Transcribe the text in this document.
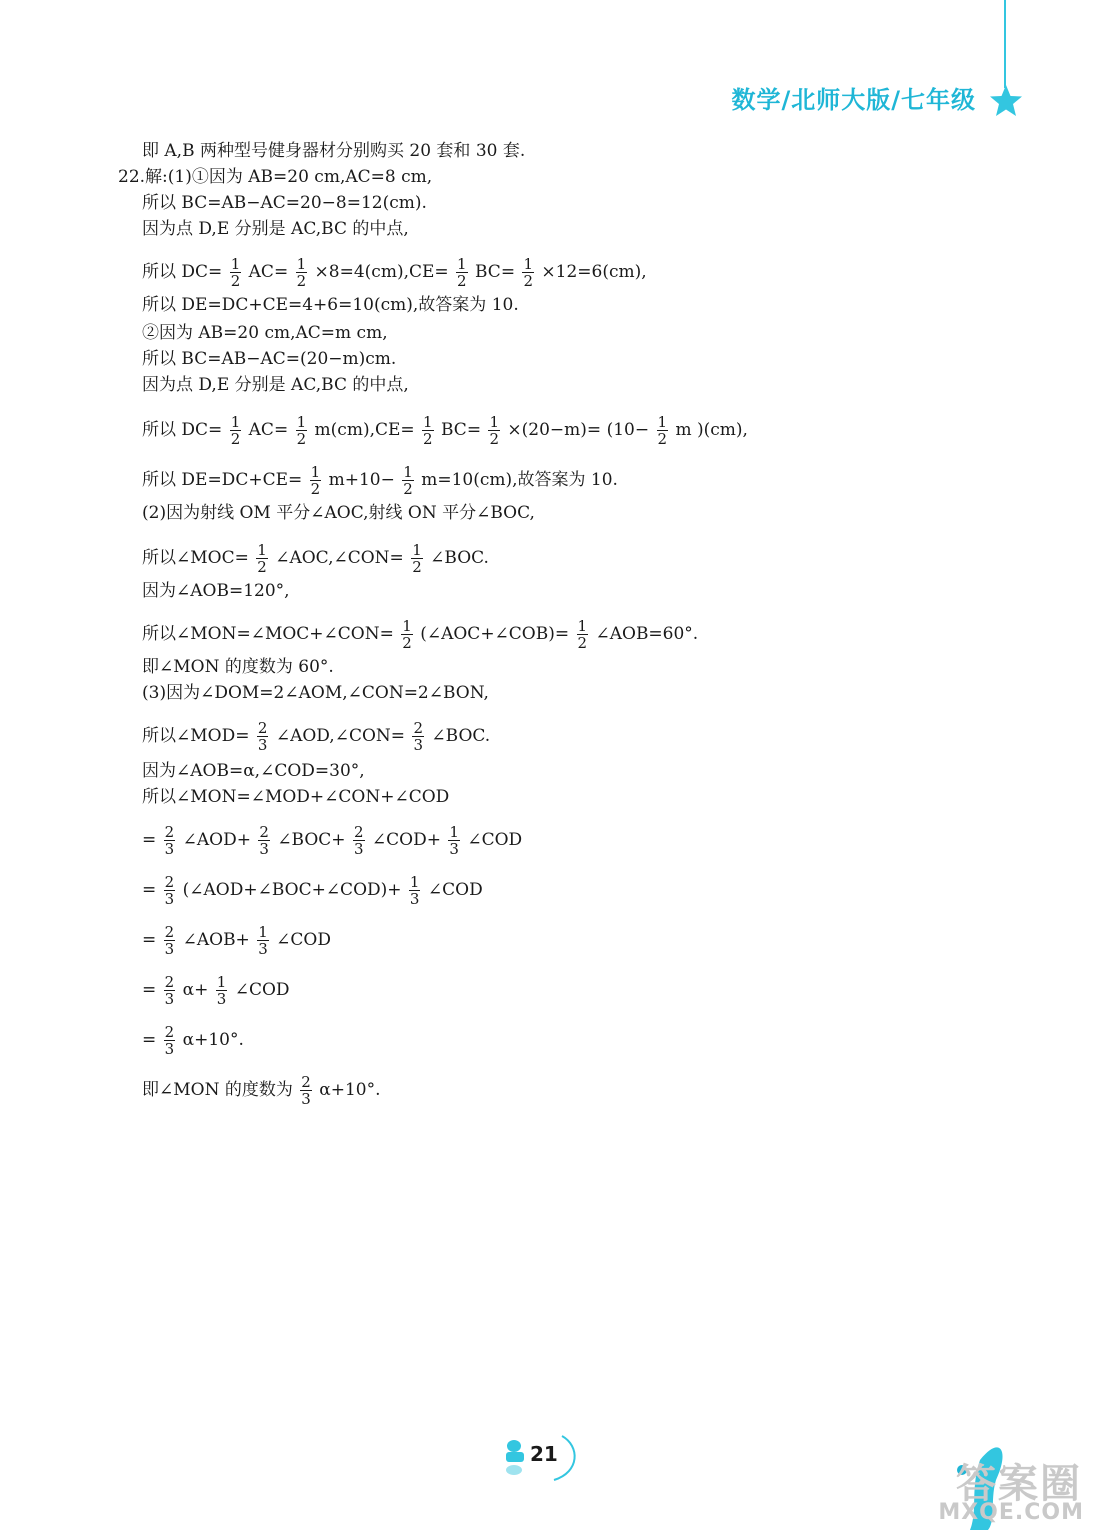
数学/北师大版/七年级
即 A,B 两种型号健身器材分别购买 20 套和 30 套.
22.解:(1)①因为 AB=20 cm,AC=8 cm,
所以 BC=AB−AC=20−8=12(cm).
因为点 D,E 分别是 AC,BC 的中点,
所以 $DC= \frac{1}{2} AC= \frac{1}{2} \times 8=4(cm),CE= \frac{1}{2} BC= \frac{1}{2} \times 12=6(cm)$,
所以 DE=DC+CE=4+6=10(cm),故答案为 10.
②因为 AB=20 cm,AC=m cm,
所以 BC=AB−AC=(20−m)cm.
因为点 D,E 分别是 AC,BC 的中点,
所以 $DC= \frac{1}{2} AC= \frac{1}{2} m(cm),CE= \frac{1}{2} BC= \frac{1}{2} \times(20-m)= (10- \frac{1}{2}$ m )(cm),
所以 $DE=DC+CE= \frac{1}{2} m+10- \frac{1}{2} m=10(cm)$,故答案为 10.
(2)因为射线 OM 平分∠AOC,射线 ON 平分∠BOC,
所以∠MOC= $\frac{1}{2}$ ∠AOC,∠CON= $\frac{1}{2}$ ∠BOC.
因为∠AOB=120°,
所以∠MON=∠MOC+∠CON= $\frac{1}{2}$ (∠AOC+∠COB)= $\frac{1}{2}$ ∠AOB=60°.
即∠MON 的度数为 60°.
(3)因为∠DOM=2∠AOM,∠CON=2∠BON,
所以∠MOD= $\frac{2}{3}$ ∠AOD,∠CON= $\frac{2}{3}$ ∠BOC.
因为∠AOB=α,∠COD=30°,
所以∠MON=∠MOD+∠CON+∠COD
= $\frac{2}{3}$ ∠AOD+ $\frac{2}{3}$ ∠BOC+ $\frac{2}{3}$ ∠COD+ $\frac{1}{3}$ ∠COD
= $\frac{2}{3}$ (∠AOD+∠BOC+∠COD)+ $\frac{1}{3}$ ∠COD
= $\frac{2}{3}$ ∠AOB+ $\frac{1}{3}$ ∠COD
= $\frac{2}{3} \alpha+ \frac{1}{3}$ ∠COD
= $\frac{2}{3} \alpha+10^\circ$.
即∠MON 的度数为 $\frac{2}{3} \alpha+10^\circ$.
21
答案圈
MXQE.COM
